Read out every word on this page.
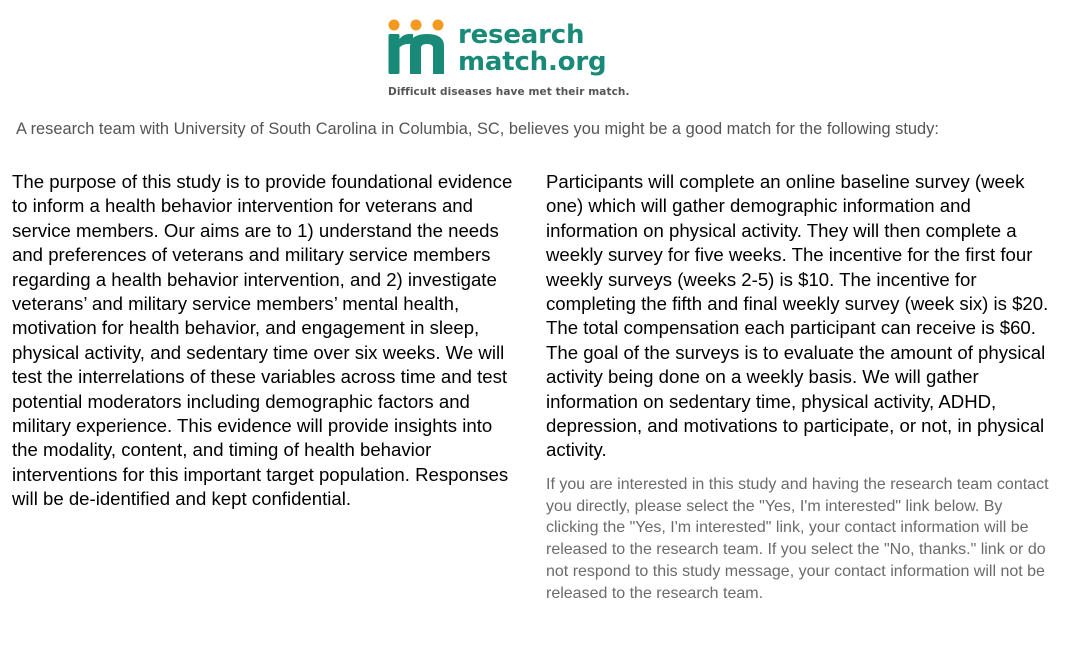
research
match.org
Difficult diseases have met their match.
A research team with University of South Carolina in Columbia, SC, believes you might be a good match for the following study:

The purpose of this study is to provide foundational evidence to inform a health behavior intervention for veterans and service members. Our aims are to 1) understand the needs and preferences of veterans and military service members regarding a health behavior intervention, and 2) investigate veterans’ and military service members’ mental health, motivation for health behavior, and engagement in sleep, physical activity, and sedentary time over six weeks. We will test the interrelations of these variables across time and test potential moderators including demographic factors and military experience. This evidence will provide insights into the modality, content, and timing of health behavior interventions for this important target population. Responses will be de-identified and kept confidential.

Participants will complete an online baseline survey (week one) which will gather demographic information and information on physical activity. They will then complete a weekly survey for five weeks. The incentive for the first four weekly surveys (weeks 2-5) is $10. The incentive for completing the fifth and final weekly survey (week six) is $20. The total compensation each participant can receive is $60. The goal of the surveys is to evaluate the amount of physical activity being done on a weekly basis. We will gather information on sedentary time, physical activity, ADHD, depression, and motivations to participate, or not, in physical activity.

If you are interested in this study and having the research team contact you directly, please select the "Yes, I'm interested" link below. By clicking the "Yes, I'm interested" link, your contact information will be released to the research team. If you select the "No, thanks." link or do not respond to this study message, your contact information will not be released to the research team.
